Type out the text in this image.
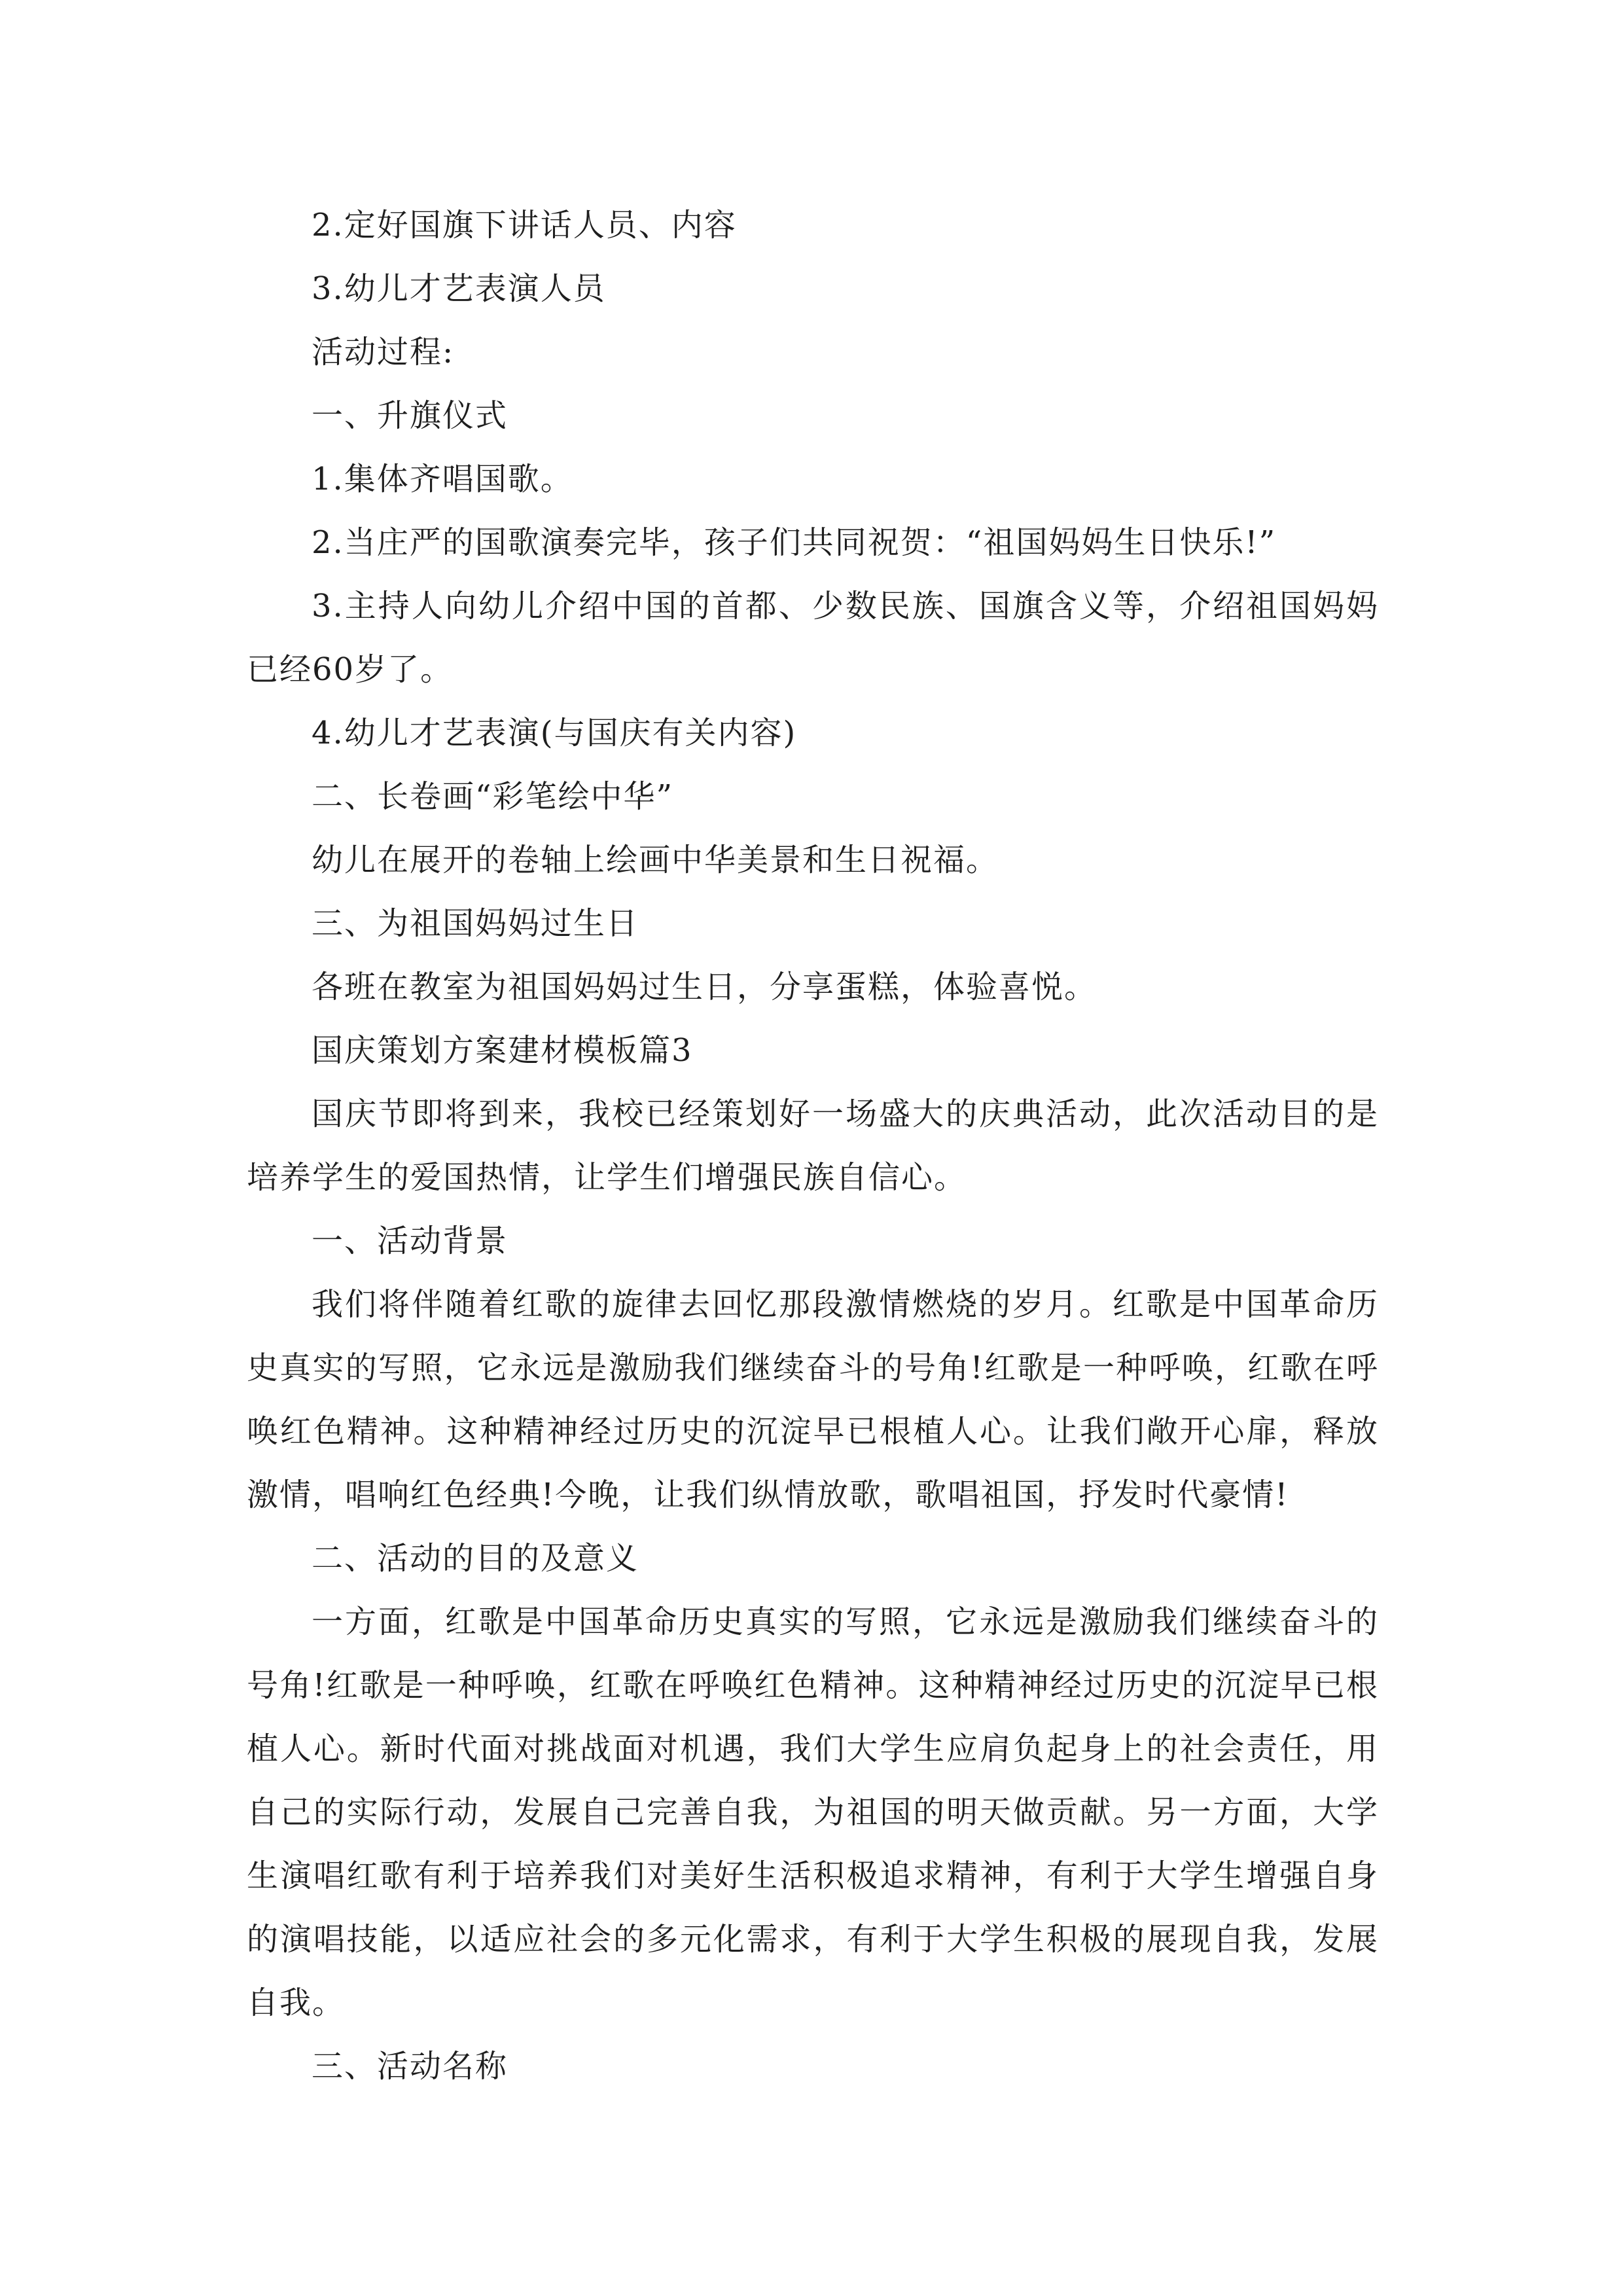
2.定好国旗下讲话人员、内容

3.幼儿才艺表演人员

活动过程:

一、升旗仪式

1.集体齐唱国歌。

2.当庄严的国歌演奏完毕，孩子们共同祝贺：“祖国妈妈生日快乐!”

3.主持人向幼儿介绍中国的首都、少数民族、国旗含义等，介绍祖国妈妈已经60岁了。

4.幼儿才艺表演(与国庆有关内容)

二、长卷画“彩笔绘中华”

幼儿在展开的卷轴上绘画中华美景和生日祝福。

三、为祖国妈妈过生日

各班在教室为祖国妈妈过生日，分享蛋糕，体验喜悦。

国庆策划方案建材模板篇3

国庆节即将到来，我校已经策划好一场盛大的庆典活动，此次活动目的是培养学生的爱国热情，让学生们增强民族自信心。

一、活动背景

我们将伴随着红歌的旋律去回忆那段激情燃烧的岁月。红歌是中国革命历史真实的写照，它永远是激励我们继续奋斗的号角!红歌是一种呼唤，红歌在呼唤红色精神。这种精神经过历史的沉淀早已根植人心。让我们敞开心扉，释放激情，唱响红色经典!今晚，让我们纵情放歌，歌唱祖国，抒发时代豪情!

二、活动的目的及意义

一方面，红歌是中国革命历史真实的写照，它永远是激励我们继续奋斗的号角!红歌是一种呼唤，红歌在呼唤红色精神。这种精神经过历史的沉淀早已根植人心。新时代面对挑战面对机遇，我们大学生应肩负起身上的社会责任，用自己的实际行动，发展自己完善自我，为祖国的明天做贡献。另一方面，大学生演唱红歌有利于培养我们对美好生活积极追求精神，有利于大学生增强自身的演唱技能，以适应社会的多元化需求，有利于大学生积极的展现自我，发展自我。

三、活动名称
